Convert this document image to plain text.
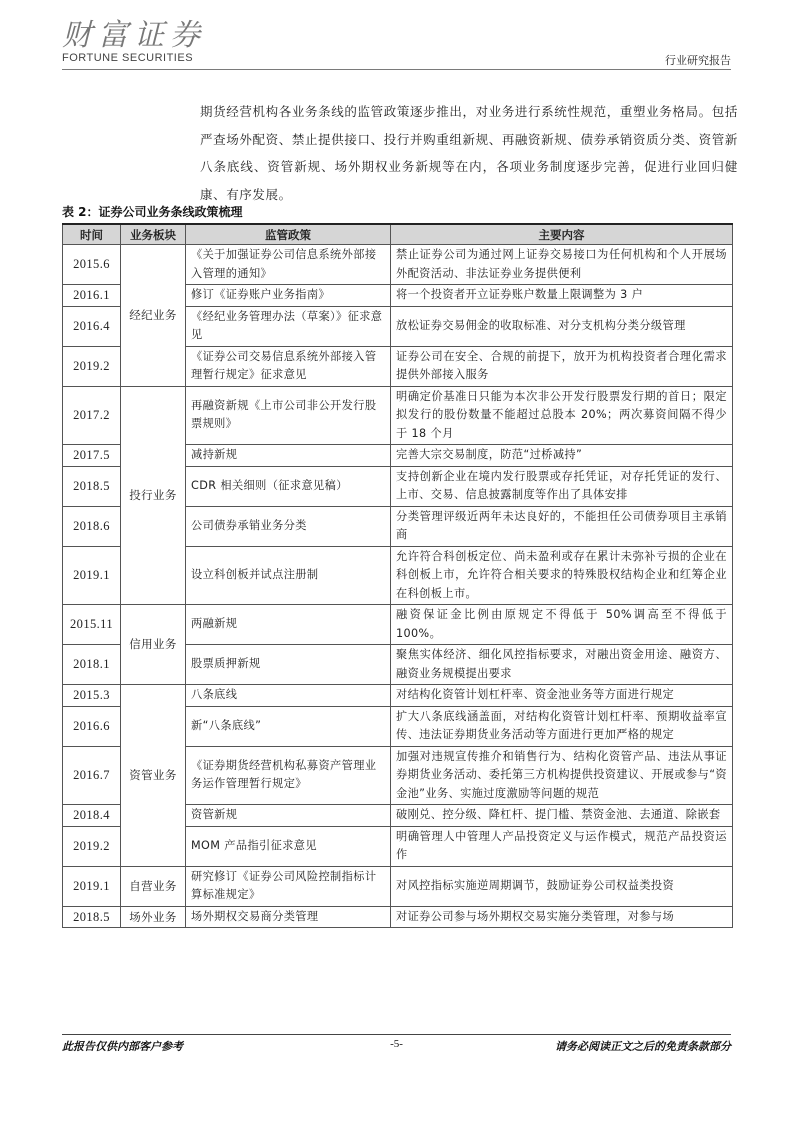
财富证券
FORTUNE SECURITIES	行业研究报告

期货经营机构各业务条线的监管政策逐步推出，对业务进行系统性规范，重塑业务格局。包括严查场外配资、禁止提供接口、投行并购重组新规、再融资新规、债券承销资质分类、资管新八条底线、资管新规、场外期权业务新规等在内，各项业务制度逐步完善，促进行业回归健康、有序发展。

表 2：证券公司业务条线政策梳理
时间	业务板块	监管政策	主要内容
2015.6	经纪业务	《关于加强证券公司信息系统外部接入管理的通知》	禁止证券公司为通过网上证券交易接口为任何机构和个人开展场外配资活动、非法证券业务提供便利
2016.1		修订《证券账户业务指南》	将一个投资者开立证券账户数量上限调整为 3 户
2016.4		《经纪业务管理办法（草案）》征求意见	放松证券交易佣金的收取标准、对分支机构分类分级管理
2019.2		《证券公司交易信息系统外部接入管理暂行规定》征求意见	证券公司在安全、合规的前提下，放开为机构投资者合理化需求提供外部接入服务
2017.2	投行业务	再融资新规《上市公司非公开发行股票规则》	明确定价基准日只能为本次非公开发行股票发行期的首日；限定拟发行的股份数量不能超过总股本 20%；两次募资间隔不得少于 18 个月
2017.5		减持新规	完善大宗交易制度，防范“过桥减持”
2018.5		CDR 相关细则（征求意见稿）	支持创新企业在境内发行股票或存托凭证，对存托凭证的发行、上市、交易、信息披露制度等作出了具体安排
2018.6		公司债券承销业务分类	分类管理评级近两年未达良好的，不能担任公司债券项目主承销商
2019.1		设立科创板并试点注册制	允许符合科创板定位、尚未盈利或存在累计未弥补亏损的企业在科创板上市，允许符合相关要求的特殊股权结构企业和红筹企业在科创板上市。
2015.11	信用业务	两融新规	融资保证金比例由原规定不得低于 50%调高至不得低于 100%。
2018.1		股票质押新规	聚焦实体经济、细化风控指标要求，对融出资金用途、融资方、融资业务规模提出要求
2015.3	资管业务	八条底线	对结构化资管计划杠杆率、资金池业务等方面进行规定
2016.6		新“八条底线”	扩大八条底线涵盖面，对结构化资管计划杠杆率、预期收益率宣传、违法证券期货业务活动等方面进行更加严格的规定
2016.7		《证券期货经营机构私募资产管理业务运作管理暂行规定》	加强对违规宣传推介和销售行为、结构化资管产品、违法从事证券期货业务活动、委托第三方机构提供投资建议、开展或参与“资金池”业务、实施过度激励等问题的规范
2018.4		资管新规	破刚兑、控分级、降杠杆、提门槛、禁资金池、去通道、除嵌套
2019.2		MOM 产品指引征求意见	明确管理人中管理人产品投资定义与运作模式，规范产品投资运作
2019.1	自营业务	研究修订《证券公司风险控制指标计算标准规定》	对风控指标实施逆周期调节，鼓励证券公司权益类投资
2018.5	场外业务	场外期权交易商分类管理	对证券公司参与场外期权交易实施分类管理，对参与场
此报告仅供内部客户参考	-5-	请务必阅读正文之后的免责条款部分
